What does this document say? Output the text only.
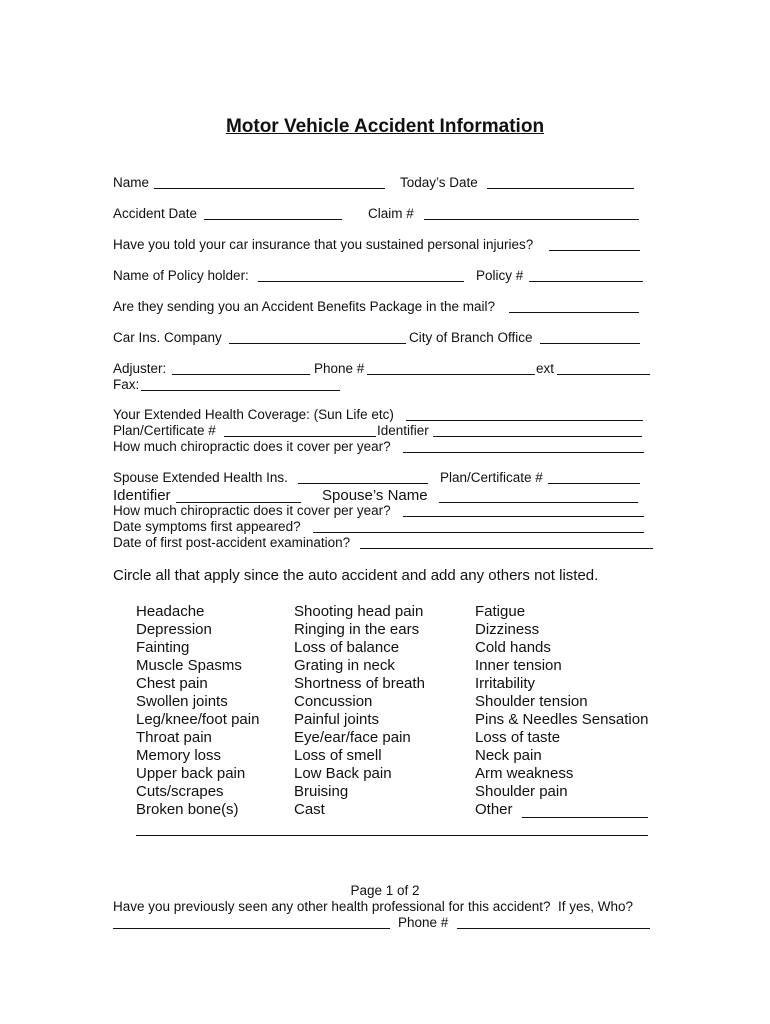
Motor Vehicle Accident Information
Name	Today’s Date
Accident Date	Claim #
Have you told your car insurance that you sustained personal injuries?
Name of Policy holder:	Policy #
Are they sending you an Accident Benefits Package in the mail?
Car Ins. Company	City of Branch Office
Adjuster:	Phone #	ext
Fax:
Your Extended Health Coverage: (Sun Life etc)
Plan/Certificate #	Identifier
How much chiropractic does it cover per year?
Spouse Extended Health Ins.	Plan/Certificate #
Identifier	Spouse’s Name
How much chiropractic does it cover per year?
Date symptoms first appeared?
Date of first post-accident examination?
Circle all that apply since the auto accident and add any others not listed.
Headache
Depression
Fainting
Muscle Spasms
Chest pain
Swollen joints
Leg/knee/foot pain
Throat pain
Memory loss
Upper back pain
Cuts/scrapes
Broken bone(s)
Shooting head pain
Ringing in the ears
Loss of balance
Grating in neck
Shortness of breath
Concussion
Painful joints
Eye/ear/face pain
Loss of smell
Low Back pain
Bruising
Cast
Fatigue
Dizziness
Cold hands
Inner tension
Irritability
Shoulder tension
Pins & Needles Sensation
Loss of taste
Neck pain
Arm weakness
Shoulder pain
Other
Page 1 of 2
Have you previously seen any other health professional for this accident?  If yes, Who?
Phone #
